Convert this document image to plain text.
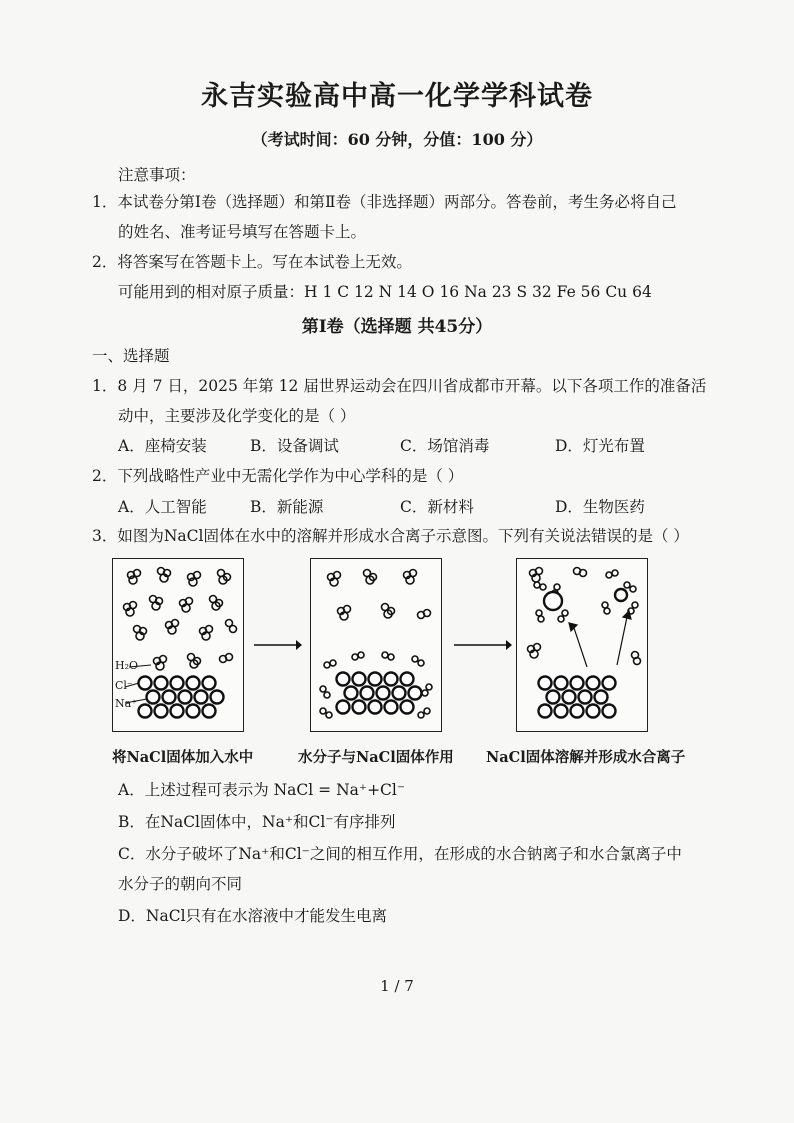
永吉实验高中高一化学学科试卷
（考试时间：60 分钟，分值：100 分）
注意事项：
1．本试卷分第Ⅰ卷（选择题）和第Ⅱ卷（非选择题）两部分。答卷前，考生务必将自己
的姓名、准考证号填写在答题卡上。
2．将答案写在答题卡上。写在本试卷上无效。
可能用到的相对原子质量：H 1 C 12 N 14 O 16 Na 23 S 32 Fe 56 Cu 64
第Ⅰ卷（选择题 共45分）
一、选择题
1．8 月 7 日，2025 年第 12 届世界运动会在四川省成都市开幕。以下各项工作的准备活
动中，主要涉及化学变化的是（ ）
A．座椅安装	B．设备调试	C．场馆消毒	D．灯光布置
2．下列战略性产业中无需化学作为中心学科的是（ ）
A．人工智能	B．新能源	C．新材料	D．生物医药
3．如图为NaCl固体在水中的溶解并形成水合离子示意图。下列有关说法错误的是（ ）
H₂O
Cl⁻
Na⁺
将NaCl固体加入水中	水分子与NaCl固体作用 NaCl固体溶解并形成水合离子
A．上述过程可表示为 NaCl = Na⁺+Cl⁻
B．在NaCl固体中，Na⁺和Cl⁻有序排列
C．水分子破坏了Na⁺和Cl⁻之间的相互作用，在形成的水合钠离子和水合氯离子中
水分子的朝向不同
D．NaCl只有在水溶液中才能发生电离
1 / 7
